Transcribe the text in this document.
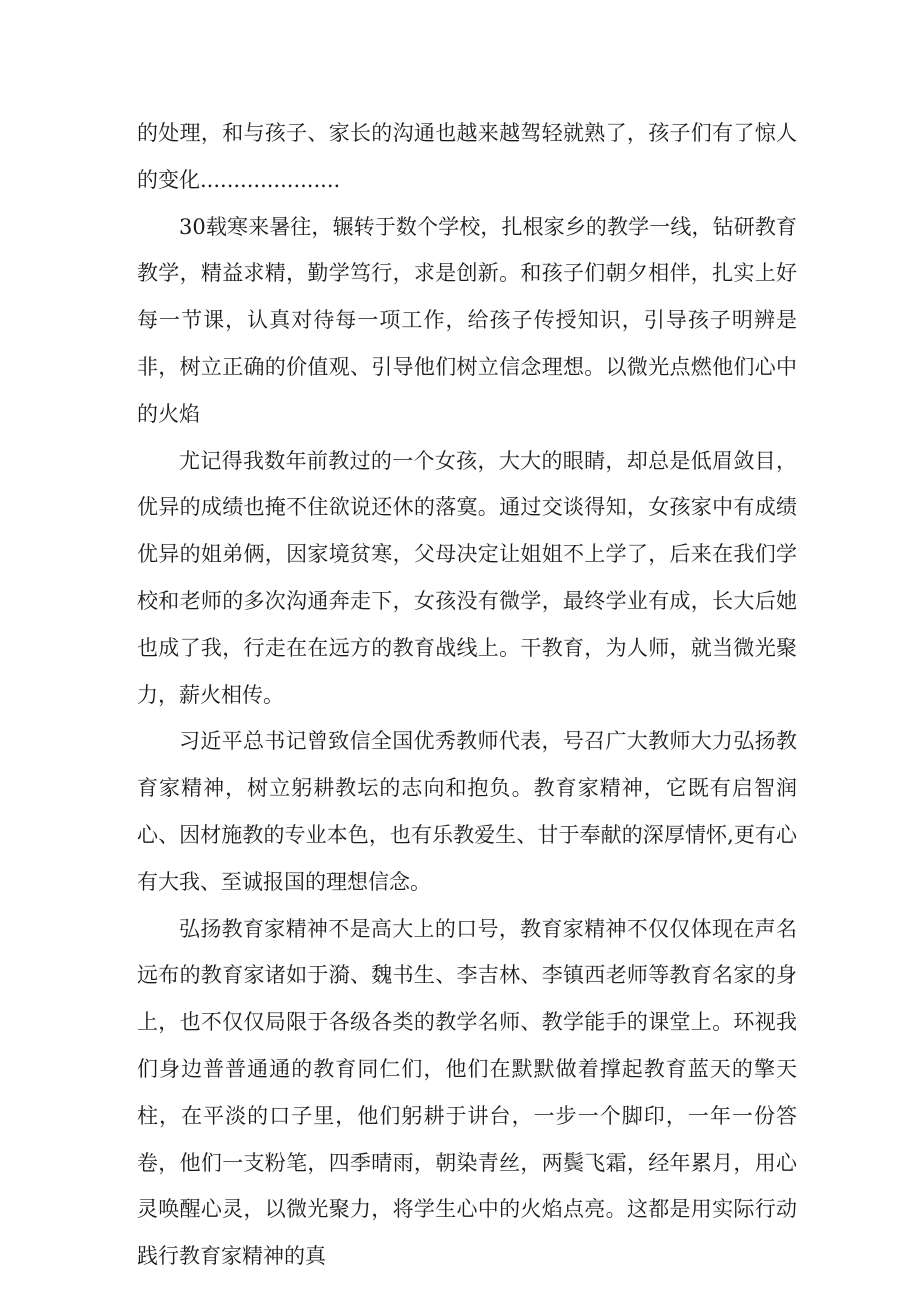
的处理，和与孩子、家长的沟通也越来越驾轻就熟了，孩子们有了惊人的变化.....................

30载寒来暑往，辗转于数个学校，扎根家乡的教学一线，钻研教育教学，精益求精，勤学笃行，求是创新。和孩子们朝夕相伴，扎实上好每一节课，认真对待每一项工作，给孩子传授知识，引导孩子明辨是非，树立正确的价值观、引导他们树立信念理想。以微光点燃他们心中的火焰

尤记得我数年前教过的一个女孩，大大的眼睛，却总是低眉敛目，优异的成绩也掩不住欲说还休的落寞。通过交谈得知，女孩家中有成绩优异的姐弟俩，因家境贫寒，父母决定让姐姐不上学了，后来在我们学校和老师的多次沟通奔走下，女孩没有微学，最终学业有成，长大后她也成了我，行走在在远方的教育战线上。干教育，为人师，就当微光聚力，薪火相传。

习近平总书记曾致信全国优秀教师代表，号召广大教师大力弘扬教育家精神，树立躬耕教坛的志向和抱负。教育家精神，它既有启智润心、因材施教的专业本色，也有乐教爱生、甘于奉献的深厚情怀,更有心有大我、至诚报国的理想信念。

弘扬教育家精神不是高大上的口号，教育家精神不仅仅体现在声名远布的教育家诸如于漪、魏书生、李吉林、李镇西老师等教育名家的身上，也不仅仅局限于各级各类的教学名师、教学能手的课堂上。环视我们身边普普通通的教育同仁们，他们在默默做着撑起教育蓝天的擎天柱，在平淡的口子里，他们躬耕于讲台，一步一个脚印，一年一份答卷，他们一支粉笔，四季晴雨，朝染青丝，两鬓飞霜，经年累月，用心灵唤醒心灵，以微光聚力，将学生心中的火焰点亮。这都是用实际行动践行教育家精神的真
